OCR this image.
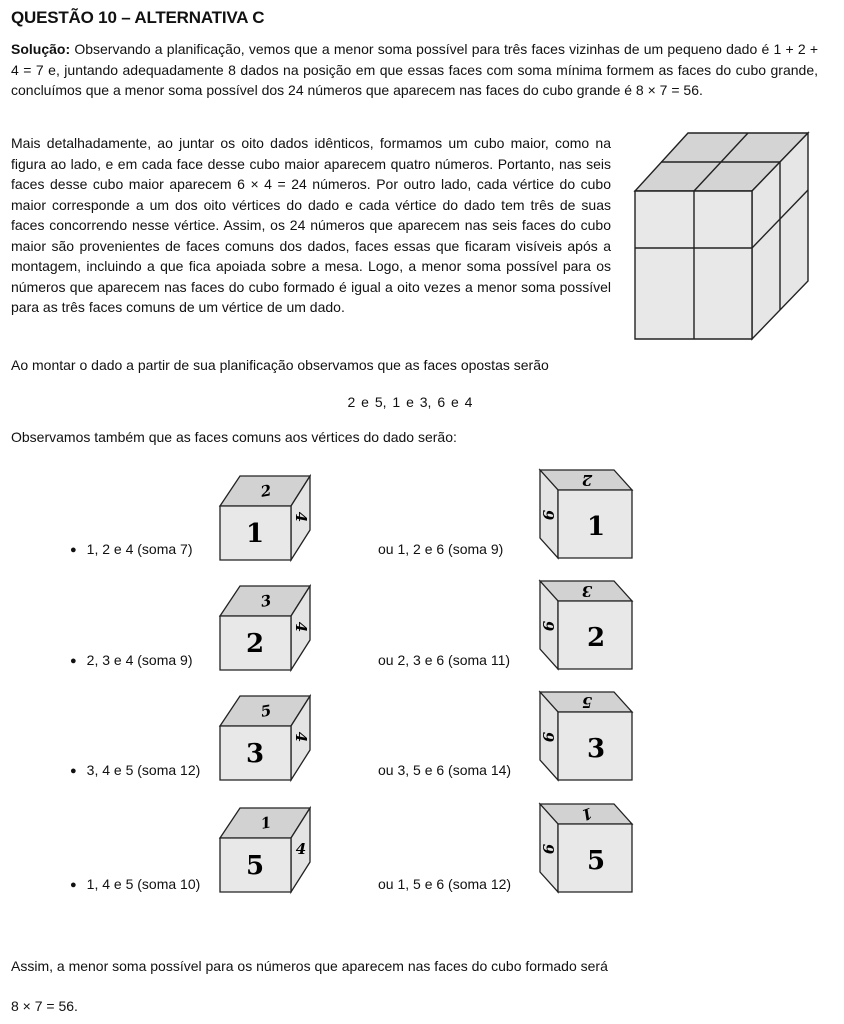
QUESTÃO 10 – ALTERNATIVA C
Solução: Observando a planificação, vemos que a menor soma possível para três faces vizinhas de um pequeno dado é 1 + 2 + 4 = 7 e, juntando adequadamente 8 dados na posição em que essas faces com soma mínima formem as faces do cubo grande, concluímos que a menor soma possível dos 24 números que aparecem nas faces do cubo grande é 8 × 7 = 56.
Mais detalhadamente, ao juntar os oito dados idênticos, formamos um cubo maior, como na figura ao lado, e em cada face desse cubo maior aparecem quatro números. Portanto, nas seis faces desse cubo maior aparecem 6 × 4 = 24 números. Por outro lado, cada vértice do cubo maior corresponde a um dos oito vértices do dado e cada vértice do dado tem três de suas faces concorrendo nesse vértice. Assim, os 24 números que aparecem nas seis faces do cubo maior são provenientes de faces comuns dos dados, faces essas que ficaram visíveis após a montagem, incluindo a que fica apoiada sobre a mesa. Logo, a menor soma possível para os números que aparecem nas faces do cubo formado é igual a oito vezes a menor soma possível para as três faces comuns de um vértice de um dado.
Ao montar o dado a partir de sua planificação observamos que as faces opostas serão
2 e 5, 1 e 3, 6 e 4
Observamos também que as faces comuns aos vértices do dado serão:
● 1, 2 e 4 (soma 7)	ou 1, 2 e 6 (soma 9)
1
2
4	1
2
6
● 2, 3 e 4 (soma 9)	ou 2, 3 e 6 (soma 11)
2
3
4	2
3
6
● 3, 4 e 5 (soma 12)	ou 3, 5 e 6 (soma 14)
3
5
4	3
5
6
● 1, 4 e 5 (soma 10)	ou 1, 5 e 6 (soma 12)
5
1
4	5
1
6
Assim, a menor soma possível para os números que aparecem nas faces do cubo formado será
8 × 7 = 56.
